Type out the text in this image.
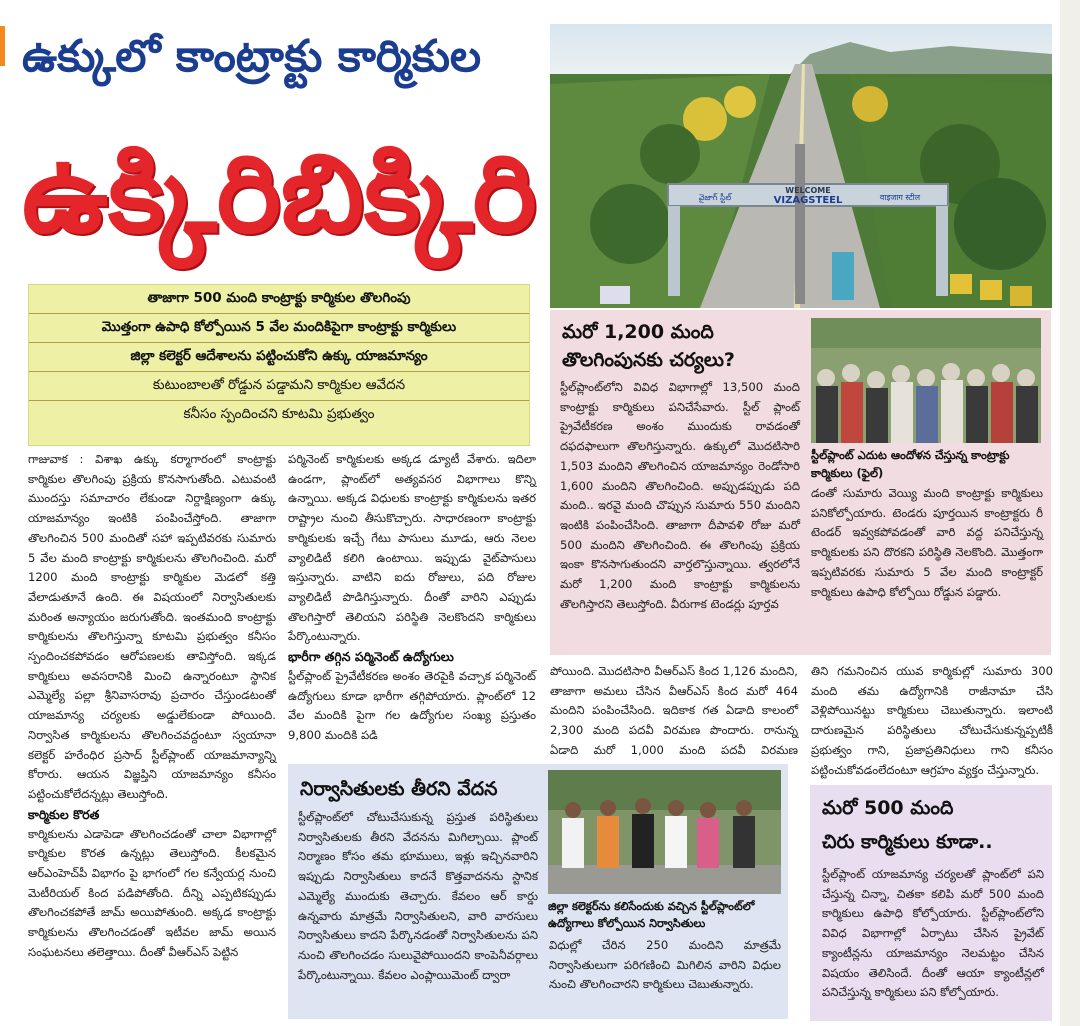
ఉక్కులో కాంట్రాక్టు కార్మికుల
ఉక్కిరిబిక్కిరి	WELCOME
VIZAGSTEEL
వైజాగ్ స్టీల్	वाइजाग स्टील
తాజాగా 500 మంది కాంట్రాక్టు కార్మికుల తొలగింపు
మొత్తంగా ఉపాధి కోల్పోయిన 5 వేల మందికిపైగా కాంట్రాక్టు కార్మికులు
జిల్లా కలెక్టర్ ఆదేశాలను పట్టించుకోని ఉక్కు యాజమాన్యం
కుటుంబాలతో రోడ్డున పడ్డామని కార్మికుల ఆవేదన
కనీసం స్పందించని కూటమి ప్రభుత్వం

గాజువాక : విశాఖ ఉక్కు కర్మాగారంలో కాంట్రాక్టు కార్మికుల తొలగింపు ప్రక్రియ కొనసాగుతోంది. ఎటువంటి ముందస్తు సమాచారం లేకుండా నిర్దాక్షిణ్యంగా ఉక్కు యాజమాన్యం ఇంటికి పంపించేస్తోంది. తాజాగా తొలగించిన 500 మందితో సహా ఇప్పటివరకు సుమారు 5 వేల మంది కాంట్రాక్టు కార్మికులను తొలగించింది. మరో 1200 మంది కాంట్రాక్టు కార్మికుల మెడలో కత్తి వేలాడుతూనే ఉంది. ఈ విషయంలో నిర్వాసితులకు మరింత అన్యాయం జరుగుతోంది. ఇంతమంది కాంట్రాక్టు కార్మికులను తొలగిస్తున్నా కూటమి ప్రభుత్వం కనీసం స్పందించకపోవడం ఆరోపణలకు తావిస్తోంది. ఇక్కడ కార్మికులు అవసరానికి మించి ఉన్నారంటూ స్థానిక ఎమ్మెల్యే పల్లా శ్రీనివాసరావు ప్రచారం చేస్తుండటంతో యాజమాన్య చర్యలకు అడ్డులేకుండా పోయింది. నిర్వాసిత కార్మికులను తొలగించవద్దంటూ స్వయానా కలెక్టర్ హరేంధిర ప్రసాద్ స్టీల్‌ప్లాంట్ యాజమాన్యాన్ని కోరారు. ఆయన విజ్ఞప్తిని యాజమాన్యం కనీసం పట్టించుకోలేదన్నట్లు తెలుస్తోంది.

కార్మికుల కొరత

కార్మికులను ఎడాపెడా తొలగించడంతో చాలా విభాగాల్లో కార్మికుల కొరత ఉన్నట్లు తెలుస్తోంది. కీలకమైన ఆర్ఎంహెచ్‌పీ విభాగం పై భాగంలో గల కన్వేయర్ల నుంచి మెటీరియల్ కింద పడిపోతోంది. దీన్ని ఎప్పటికప్పుడు తొలగించకపోతే జామ్ అయిపోతుంది. అక్కడ కాంట్రాక్టు కార్మికులను తొలగించడంతో ఇటీవల జామ్ అయిన సంఘటనలు తలెత్తాయి. దీంతో వీఆర్ఎస్ పెట్టిన

పర్మినెంట్ కార్మికులకు అక్కడ డ్యూటీ వేశారు. ఇదిలా ఉండగా, ప్లాంట్‌లో అత్యవసర విభాగాలు కొన్ని ఉన్నాయి. అక్కడ విధులకు కాంట్రాక్టు కార్మికులను ఇతర రాష్ట్రాల నుంచి తీసుకొచ్చారు. సాధారణంగా కాంట్రాక్టు కార్మికులకు ఇచ్చే గేటు పాసులు మూడు, ఆరు నెలల వ్యాలిడిటీ కలిగి ఉంటాయి. ఇప్పుడు వైట్‌పాసులు ఇస్తున్నారు. వాటిని ఐదు రోజులు, పది రోజుల వ్యాలిడిటీ పొడిగిస్తున్నారు. దీంతో వారిని ఎప్పుడు తొలగిస్తారో తెలియని పరిస్థితి నెలకొందని కార్మికులు పేర్కొంటున్నారు.

భారీగా తగ్గిన పర్మినెంట్ ఉద్యోగులు

స్టీల్‌ప్లాంట్ ప్రైవేటీకరణ అంశం తెరపైకి వచ్చాక పర్మినెంట్ ఉద్యోగులు కూడా భారీగా తగ్గిపోయారు. ప్లాంట్‌లో 12 వేల మందికి పైగా గల ఉద్యోగుల సంఖ్య ప్రస్తుతం 9,800 మందికి పడి

మరో 1,200 మంది
తొలగింపునకు చర్యలు?
స్టీల్‌ప్లాంట్‌లోని వివిధ విభాగాల్లో 13,500 మంది కాంట్రాక్టు కార్మికులు పనిచేసేవారు. స్టీల్ ప్లాంట్ ప్రైవేటీకరణ అంశం ముందుకు రావడంతో దఫదఫాలుగా తొలగిస్తున్నారు. ఉక్కులో మొదటిసారి 1,503 మందిని తొలగించిన యాజమాన్యం రెండోసారి 1,600 మందిని తొలగించింది. అప్పుడప్పుడు పది మంది.. ఇరవై మంది చొప్పున సుమారు 550 మందిని ఇంటికి పంపించేసింది. తాజాగా దీపావళి రోజు మరో 500 మందిని తొలగించింది. ఈ తొలగింపు ప్రక్రియ ఇంకా కొనసాగుతుందని వార్తలొస్తున్నాయి. త్వరలోనే మరో 1,200 మంది కాంట్రాక్టు కార్మికులను తొలగిస్తారని తెలుస్తోంది. వీరుగాక టెండర్లు పూర్తవ
డంతో సుమారు వెయ్యి మంది కాంట్రాక్టు కార్మికులు పనికోల్పోయారు. టెండరు పూర్తయిన కాంట్రాక్టరు రీ టెండర్ ఇవ్వకపోవడంతో వారి వద్ద పనిచేస్తున్న కార్మికులకు పని దొరకని పరిస్థితి నెలకొంది. మొత్తంగా ఇప్పటివరకు సుమారు 5 వేల మంది కాంట్రాక్టర్ కార్మికులు ఉపాధి కోల్పోయి రోడ్డున పడ్డారు.
స్టీల్‌ప్లాంట్ ఎదుట ఆందోళన చేస్తున్న కాంట్రాక్టు కార్మికులు (ఫైల్)
పోయింది. మొదటిసారి వీఆర్ఎస్ కింద 1,126 మందిని, తాజాగా అమలు చేసిన వీఆర్ఎస్ కింద మరో 464 మందిని పంపించేసింది. ఇదికాక గత ఏడాది కాలంలో 2,300 మంది పదవీ విరమణ పొందారు. రానున్న ఏడాది మరో 1,000 మంది పదవీ విరమణ
తిని గమనించిన యువ కార్మికుల్లో సుమారు 300 మంది తమ ఉద్యోగానికి రాజీనామా చేసి వెళ్లిపోయినట్టు కార్మికులు చెబుతున్నారు. ఇలాంటి దారుణమైన పరిస్థితులు చోటుచేసుకున్నప్పటికీ ప్రభుత్వం గాని, ప్రజాప్రతినిధులు గాని కనీసం పట్టించుకోవడంలేదంటూ ఆగ్రహం వ్యక్తం చేస్తున్నారు.
నిర్వాసితులకు తీరని వేదన
స్టీల్‌ప్లాంట్‌లో చోటుచేసుకున్న ప్రస్తుత పరిస్థితులు నిర్వాసితులకు తీరని వేదనను మిగిల్చాయి. ప్లాంట్ నిర్మాణం కోసం తమ భూములు, ఇళ్లు ఇచ్చినవారిని ఇప్పుడు నిర్వాసితులు కాదనే కొత్తవాదనను స్టానిక ఎమ్మెల్యే ముందుకు తెచ్చారు. కేవలం ఆర్ కార్డు ఉన్నవారు మాత్రమే నిర్వాసితులని, వారి వారసులు నిర్వాసితులు కాదని పేర్కొనడంతో నిర్వాసితులను పని నుంచి తొలగించడం సులువైపోయిందని కాంపెనీవర్గాలు పేర్కొంటున్నాయి. కేవలం ఎంప్లాయిమెంట్ ద్వారా
విధుల్లో చేరిన 250 మందిని మాత్రమే నిర్వాసితులుగా పరిగణించి మిగిలిన వారిని విధుల నుంచి తొలగించారని కార్మికులు చెబుతున్నారు.
జిల్లా కలెక్టర్‌ను కలిసేందుకు వచ్చిన స్టీల్‌ప్లాంట్‌లో ఉద్యోగాలు కోల్పోయిన నిర్వాసితులు
మరో 500 మంది
చిరు కార్మికులు కూడా..
స్టీల్‌ప్లాంట్ యాజమాన్య చర్యలతో ప్లాంట్‌లో పని చేస్తున్న చిన్నా, చితకా కలిపి మరో 500 మంది కార్మికులు ఉపాధి కోల్పోయారు. స్టీల్‌ప్లాంట్‌లోని వివిధ విభాగాల్లో ఏర్పాటు చేసిన ప్రైవేట్ క్యాంటీన్లను యాజమాన్యం నెలమట్టం చేసిన విషయం తెలిసిందే. దీంతో ఆయా క్యాంటీన్లలో పనిచేస్తున్న కార్మికులు పని కోల్పోయారు.
